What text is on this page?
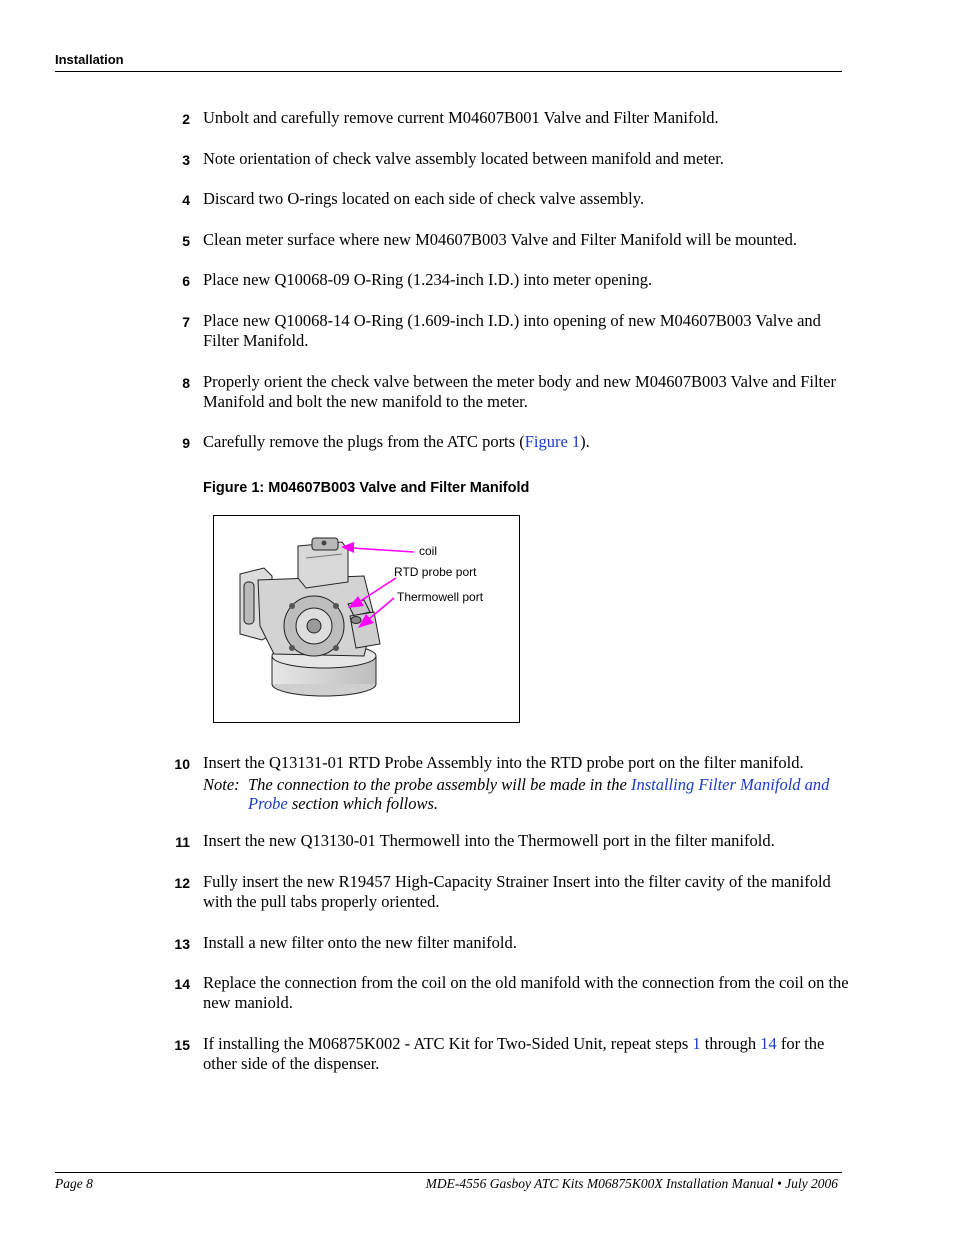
Installation
2 Unbolt and carefully remove current M04607B001 Valve and Filter Manifold.
3 Note orientation of check valve assembly located between manifold and meter.
4 Discard two O-rings located on each side of check valve assembly.
5 Clean meter surface where new M04607B003 Valve and Filter Manifold will be mounted.
6 Place new Q10068-09 O-Ring (1.234-inch I.D.) into meter opening.
7 Place new Q10068-14 O-Ring (1.609-inch I.D.) into opening of new M04607B003 Valve and Filter Manifold.
8 Properly orient the check valve between the meter body and new M04607B003 Valve and Filter Manifold and bolt the new manifold to the meter.
9 Carefully remove the plugs from the ATC ports (Figure 1).
Figure 1: M04607B003 Valve and Filter Manifold
coil
RTD probe port
Thermowell port
10 Insert the Q13131-01 RTD Probe Assembly into the RTD probe port on the filter manifold.
Note: The connection to the probe assembly will be made in the Installing Filter Manifold and Probe section which follows.
11 Insert the new Q13130-01 Thermowell into the Thermowell port in the filter manifold.
12 Fully insert the new R19457 High-Capacity Strainer Insert into the filter cavity of the manifold with the pull tabs properly oriented.
13 Install a new filter onto the new filter manifold.
14 Replace the connection from the coil on the old manifold with the connection from the coil on the new maniold.
15 If installing the M06875K002 - ATC Kit for Two-Sided Unit, repeat steps 1 through 14 for the other side of the dispenser.
Page 8	MDE-4556 Gasboy ATC Kits M06875K00X Installation Manual • July 2006
